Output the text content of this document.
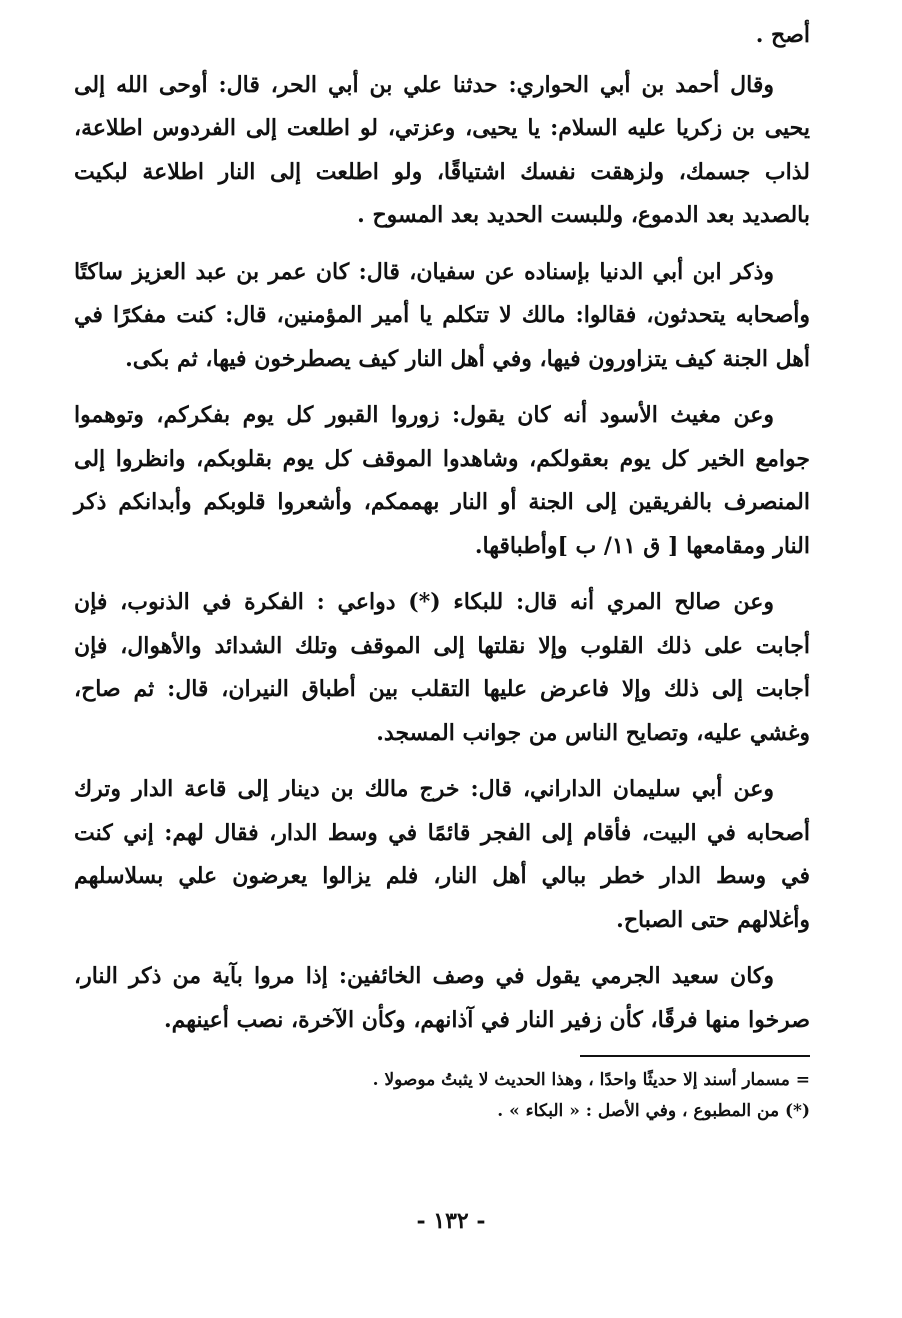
أصح .

وقال أحمد بن أبي الحواري: حدثنا علي بن أبي الحر، قال: أوحى الله إلى

يحيى بن زكريا عليه السلام: يا يحيى، وعزتي، لو اطلعت إلى الفردوس اطلاعة،

لذاب جسمك، ولزهقت نفسك اشتياقًا، ولو اطلعت إلى النار اطلاعة لبكيت

بالصديد بعد الدموع، وللبست الحديد بعد المسوح .

وذكر ابن أبي الدنيا بإسناده عن سفيان، قال: كان عمر بن عبد العزيز ساكتًا

وأصحابه يتحدثون، فقالوا: مالك لا تتكلم يا أمير المؤمنين، قال: كنت مفكرًا في

أهل الجنة كيف يتزاورون فيها، وفي أهل النار كيف يصطرخون فيها، ثم بكى.

وعن مغيث الأسود أنه كان يقول: زوروا القبور كل يوم بفكركم، وتوهموا

جوامع الخير كل يوم بعقولكم، وشاهدوا الموقف كل يوم بقلوبكم، وانظروا إلى

المنصرف بالفريقين إلى الجنة أو النار بهممكم، وأشعروا قلوبكم وأبدانكم ذكر

النار ومقامعها [ ق ١١/ ب ]وأطباقها.

وعن صالح المري أنه قال: للبكاء (*) دواعي : الفكرة في الذنوب، فإن

أجابت على ذلك القلوب وإلا نقلتها إلى الموقف وتلك الشدائد والأهوال، فإن

أجابت إلى ذلك وإلا فاعرض عليها التقلب بين أطباق النيران، قال: ثم صاح،

وغشي عليه، وتصايح الناس من جوانب المسجد.

وعن أبي سليمان الداراني، قال: خرج مالك بن دينار إلى قاعة الدار وترك

أصحابه في البيت، فأقام إلى الفجر قائمًا في وسط الدار، فقال لهم: إني كنت

في وسط الدار خطر ببالي أهل النار، فلم يزالوا يعرضون علي بسلاسلهم

وأغلالهم حتى الصباح.

وكان سعيد الجرمي يقول في وصف الخائفين: إذا مروا بآية من ذكر النار،

صرخوا منها فرقًا، كأن زفير النار في آذانهم، وكأن الآخرة، نصب أعينهم.

= مسمار أسند إلا حديثًا واحدًا ، وهذا الحديث لا يثبتُ موصولا .

(*) من المطبوع ، وفي الأصل : « البكاء » .

- ١٣٢ -
